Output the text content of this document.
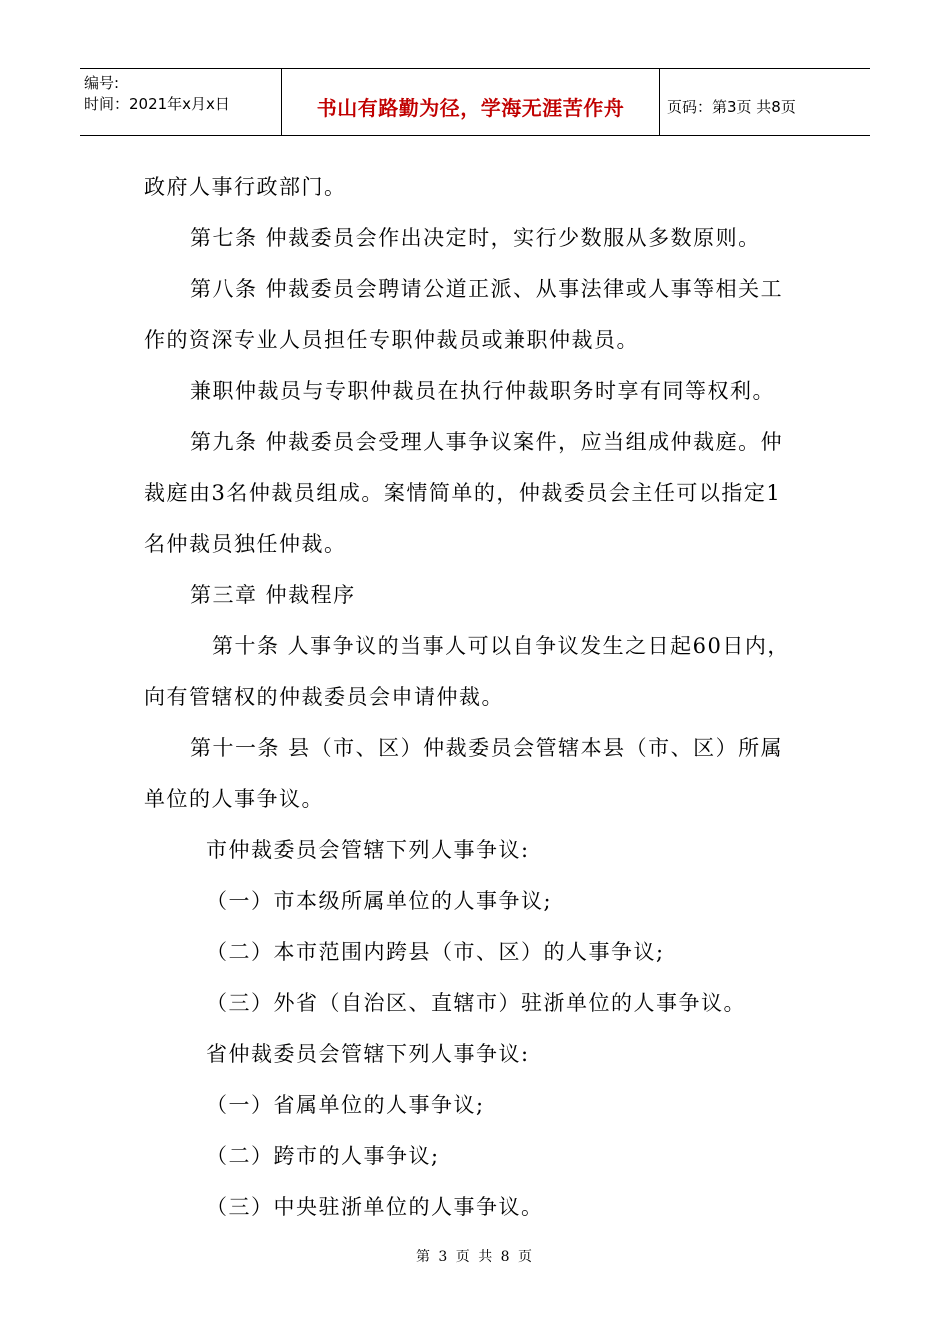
编号:
时间：2021年x月x日	书山有路勤为径，学海无涯苦作舟	页码：第3页 共8页

政府人事行政部门。

第七条 仲裁委员会作出决定时，实行少数服从多数原则。

第八条 仲裁委员会聘请公道正派、从事法律或人事等相关工

作的资深专业人员担任专职仲裁员或兼职仲裁员。

兼职仲裁员与专职仲裁员在执行仲裁职务时享有同等权利。

第九条 仲裁委员会受理人事争议案件，应当组成仲裁庭。仲

裁庭由3名仲裁员组成。案情简单的，仲裁委员会主任可以指定1

名仲裁员独任仲裁。

第三章 仲裁程序

第十条 人事争议的当事人可以自争议发生之日起60日内，

向有管辖权的仲裁委员会申请仲裁。

第十一条 县（市、区）仲裁委员会管辖本县（市、区）所属

单位的人事争议。

市仲裁委员会管辖下列人事争议:

（一）市本级所属单位的人事争议;

（二）本市范围内跨县（市、区）的人事争议;

（三）外省（自治区、直辖市）驻浙单位的人事争议。

省仲裁委员会管辖下列人事争议:

（一）省属单位的人事争议;

（二）跨市的人事争议;

（三）中央驻浙单位的人事争议。

第 3 页 共 8 页
